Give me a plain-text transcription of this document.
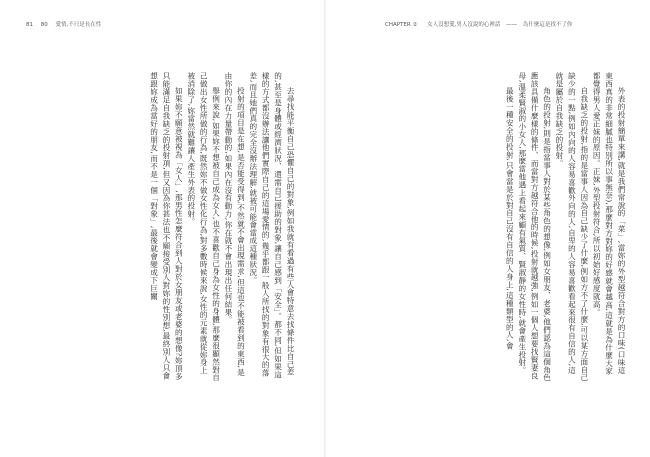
81 80 愛情,不只是長在性

去尋找能平衡自己恐懼自己的對象,例如我就有看過有些人會特意去找條件比自己差的,甚至是身體或經濟狀況、還需自己援助的對象,讓自己感到「安全」。都不同,但如果這樣的方式都沒辦法讓他們實際自己的這場愛情的,幾乎都跟一般人所找的對象有很大的落差,而且她們真的完全沒辦法理解,就被可能會當成這種狀況。

投射的項目是在想,是否能受得到,不然就不會出現需求,但這也不能被看到的東西,是由你的內在力量帶動的,如果內在沒有動力,你在就不會出現出任何結果。

舉例來說,如果妳不想被自己成為女人,也不喜歡自己身為女性的身體,那麼很顯然對自己做出女性所做的行為,既然妳不做女性化行為,對多數時候來說,女性的元素就從妳身上被消除了,妳當然就難讓人產生外表的投射。

如果妳不願意被視為「女人」,那男性怎麼符合到人對於女朋友或老婆的想像?妳頂多只能滿足自我缺乏的投射項,但又因為你甚法也不願接受別人對妳的性別想,最終別人只會想跟妳成為當好的朋友,而不是一個「對象」,最後就會變成下巨關

CHAPTER ② 女人沒想愛,男人沒說的心裡話 —— 為什麼這是找不了你

外表的投射簡單來講,就是我們常說的「菜」,當妳的外型越符合對方的口味(口味這東西真的非常細膩也特別所以事無奈),那麼對方對妳的好感就會越高,這就是為什麼大家都覺得男人愛正妹的原因。正妹,外型投射符合,所以初始好感度就高。

自我缺乏的投射,指的是當事人因為自己缺少了什麼,例如方不了什麼,可以某方面自己缺少的一點,例如內向的人容易喜歡外向的人,自卑的人容易喜歡看起來很有自信的人,這就是屬於自我缺乏的投射。

角色的投射,則是指當事人對於某些角色的想像,例如女朋友、老婆,他們認為這個角色應該具備什麼樣的條件、而當對方越符合他的時候,投射就越強,例如一個人想要找賢妻良母,溫柔賢淑的小女人,那麼當他遇上看起來顧有氣質、賢淑靜的女性時,就會產生投射。

最後一種安全的投射,只會當是於對自己沒有自信的人身上,這種類型的人,會
